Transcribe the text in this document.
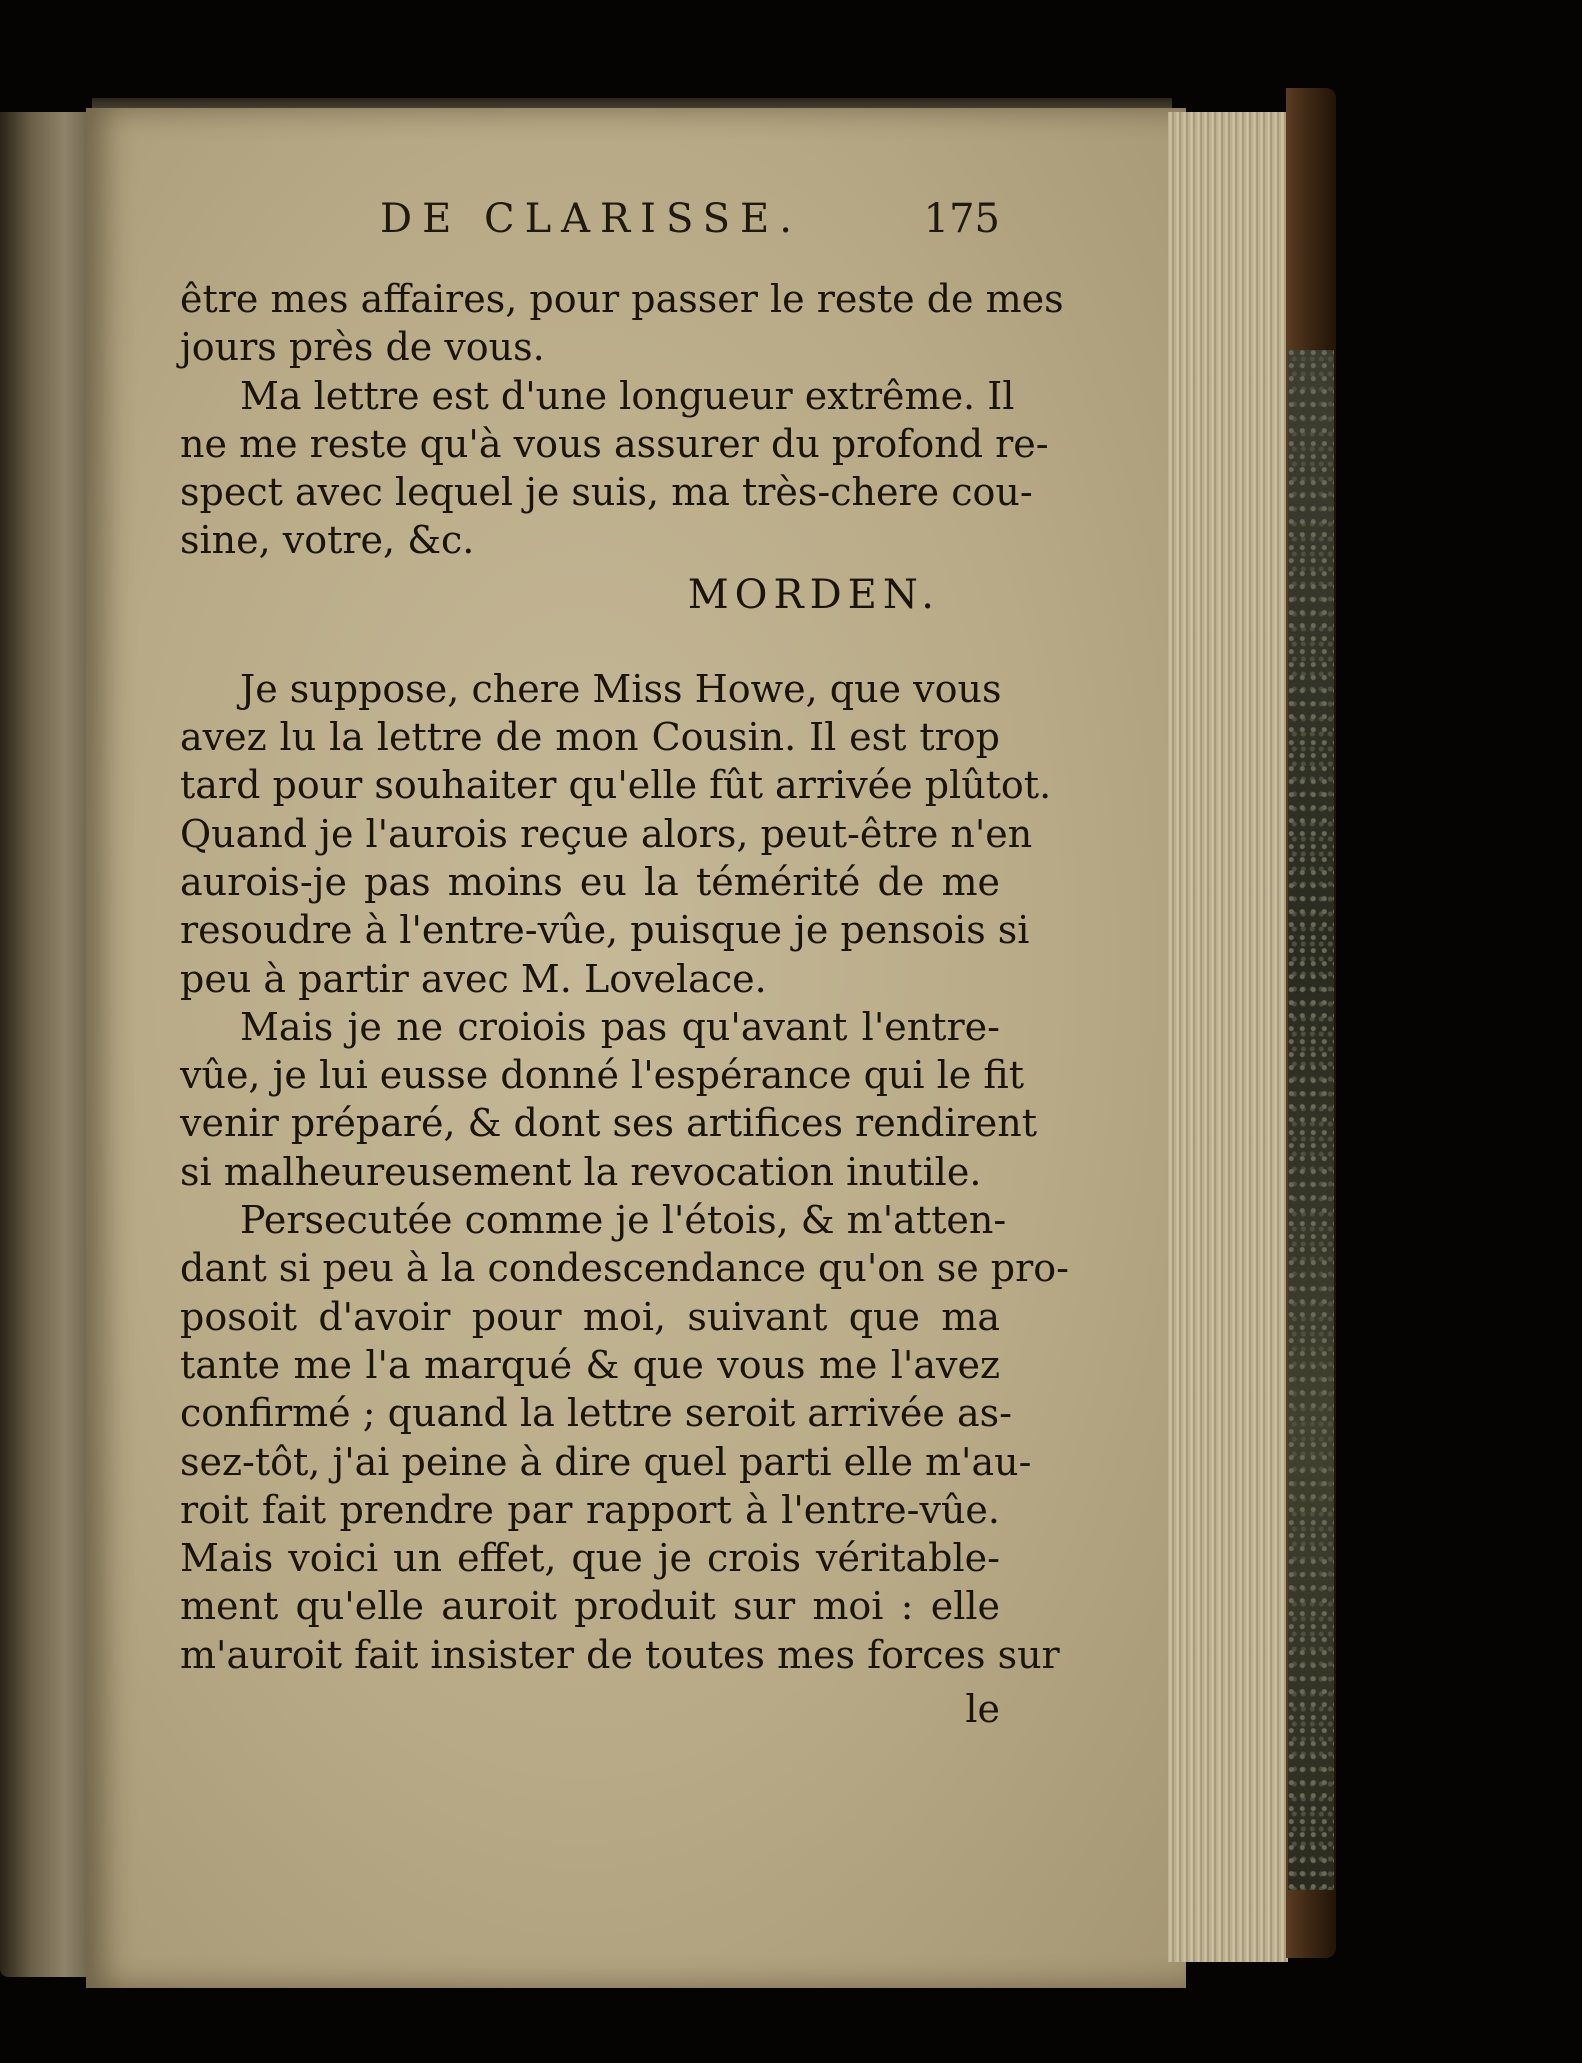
DE CLARISSE.	175
être mes affaires, pour passer le reste de mes
jours près de vous.
Ma lettre est d'une longueur extrême. Il
ne me reste qu'à vous assurer du profond re-
spect avec lequel je suis, ma très-chere cou-
sine, votre, &c.
MORDEN.
Je suppose, chere Miss Howe, que vous
avez lu la lettre de mon Cousin. Il est trop
tard pour souhaiter qu'elle fût arrivée plûtot.
Quand je l'aurois reçue alors, peut-être n'en
aurois-je pas moins eu la témérité de me
resoudre à l'entre-vûe, puisque je pensois si
peu à partir avec M. Lovelace.
Mais je ne croiois pas qu'avant l'entre-
vûe, je lui eusse donné l'espérance qui le fit
venir préparé, & dont ses artifices rendirent
si malheureusement la revocation inutile.
Persecutée comme je l'étois, & m'atten-
dant si peu à la condescendance qu'on se pro-
posoit d'avoir pour moi, suivant que ma
tante me l'a marqué & que vous me l'avez
confirmé ; quand la lettre seroit arrivée as-
sez-tôt, j'ai peine à dire quel parti elle m'au-
roit fait prendre par rapport à l'entre-vûe.
Mais voici un effet, que je crois véritable-
ment qu'elle auroit produit sur moi : elle
m'auroit fait insister de toutes mes forces sur
le
